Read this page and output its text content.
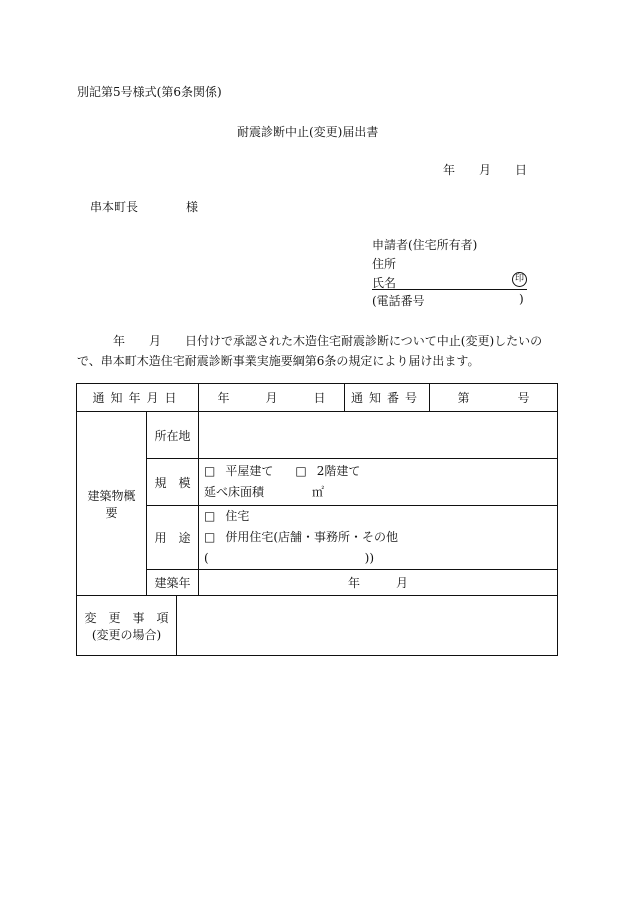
別記第5号様式(第6条関係)
耐震診断中止(変更)届出書
年　　月　　日
串本町長　　　　様
申請者(住宅所有者)
住所
氏名	印
(電話番号	)

　　　年　　月　　日付けで承認された木造住宅耐震診断について中止(変更)したいの

で、串本町木造住宅耐震診断事業実施要綱第6条の規定により届け出ます。

通知年月日			年　　　月　　　日	通知番号	第　　　　号
建築物概要	所在地				
	規　模		□ 平屋建て □ 2階建て
延べ床面積　　　　㎡		

	用　途		□ 住宅
□ 併用住宅(店舗・事務所・その他(　　　　　　　　　　　　　))		

	建築年		年　　　月		

変　更　事　項
(変更の場合)					
